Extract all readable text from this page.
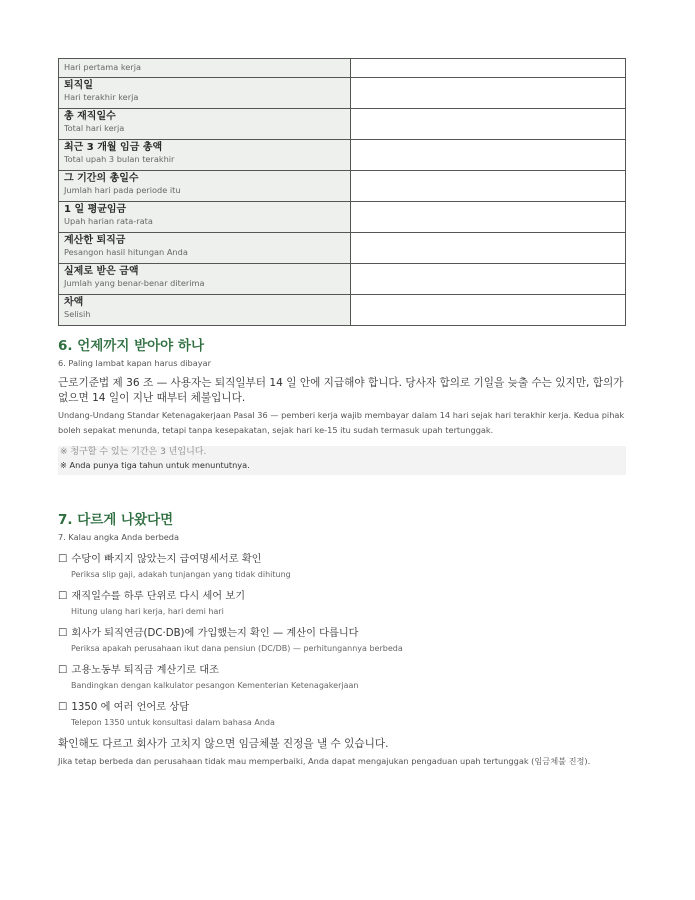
Hari pertama kerja	

퇴직일
Hari terakhir kerja	

총 재직일수
Total hari kerja	

최근 3 개월 임금 총액
Total upah 3 bulan terakhir	

그 기간의 총일수
Jumlah hari pada periode itu	

1 일 평균임금
Upah harian rata-rata	

계산한 퇴직금
Pesangon hasil hitungan Anda	

실제로 받은 금액
Jumlah yang benar-benar diterima	

차액
Selisih	

6. 언제까지 받아야 하나

6. Paling lambat kapan harus dibayar

근로기준법 제 36 조 — 사용자는 퇴직일부터 14 일 안에 지급해야 합니다. 당사자 합의로 기일을 늦출 수는 있지만, 합의가 없으면 14 일이 지난 때부터 체불입니다.

Undang-Undang Standar Ketenagakerjaan Pasal 36 — pemberi kerja wajib membayar dalam 14 hari sejak hari terakhir kerja. Kedua pihak boleh sepakat menunda, tetapi tanpa kesepakatan, sejak hari ke-15 itu sudah termasuk upah tertunggak.

※ 청구할 수 있는 기간은 3 년입니다.
※ Anda punya tiga tahun untuk menuntutnya.
7. 다르게 나왔다면

7. Kalau angka Anda berbeda

☐ 수당이 빠지지 않았는지 급여명세서로 확인
Periksa slip gaji, adakah tunjangan yang tidak dihitung
☐ 재직일수를 하루 단위로 다시 세어 보기
Hitung ulang hari kerja, hari demi hari
☐ 회사가 퇴직연금(DC·DB)에 가입했는지 확인 — 계산이 다릅니다
Periksa apakah perusahaan ikut dana pensiun (DC/DB) — perhitungannya berbeda
☐ 고용노동부 퇴직금 계산기로 대조
Bandingkan dengan kalkulator pesangon Kementerian Ketenagakerjaan
☐ 1350 에 여러 언어로 상담
Telepon 1350 untuk konsultasi dalam bahasa Anda

확인해도 다르고 회사가 고치지 않으면 임금체불 진정을 낼 수 있습니다.

Jika tetap berbeda dan perusahaan tidak mau memperbaiki, Anda dapat mengajukan pengaduan upah tertunggak (임금체불 진정).
